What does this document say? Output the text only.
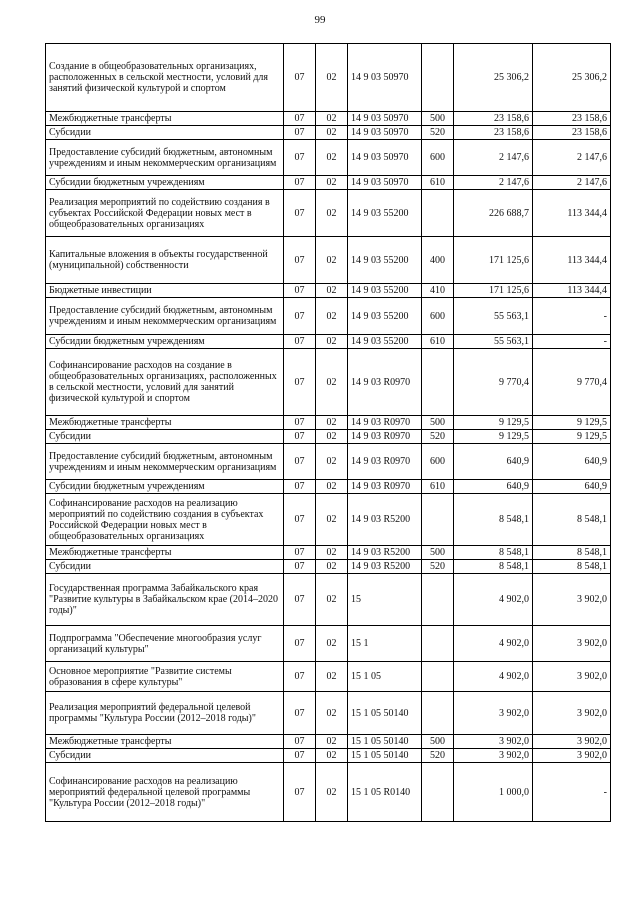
99
Создание в общеобразовательных организациях, расположенных в сельской местности, условий для занятий физической культурой и спортом	07	02	14 9 03 50970		25 306,2	25 306,2
Межбюджетные трансферты	07	02	14 9 03 50970	500	23 158,6	23 158,6
Субсидии	07	02	14 9 03 50970	520	23 158,6	23 158,6
Предоставление субсидий бюджетным, автономным учреждениям и иным некоммерческим организациям	07	02	14 9 03 50970	600	2 147,6	2 147,6
Субсидии бюджетным учреждениям	07	02	14 9 03 50970	610	2 147,6	2 147,6
Реализация мероприятий по содействию создания в субъектах Российской Федерации новых мест в общеобразовательных организациях	07	02	14 9 03 55200		226 688,7	113 344,4
Капитальные вложения в объекты государственной (муниципальной) собственности	07	02	14 9 03 55200	400	171 125,6	113 344,4
Бюджетные инвестиции	07	02	14 9 03 55200	410	171 125,6	113 344,4
Предоставление субсидий бюджетным, автономным учреждениям и иным некоммерческим организациям	07	02	14 9 03 55200	600	55 563,1	-
Субсидии бюджетным учреждениям	07	02	14 9 03 55200	610	55 563,1	-
Софинансирование расходов на создание в общеобразовательных организациях, расположенных в сельской местности, условий для занятий физической культурой и спортом	07	02	14 9 03 R0970		9 770,4	9 770,4
Межбюджетные трансферты	07	02	14 9 03 R0970	500	9 129,5	9 129,5
Субсидии	07	02	14 9 03 R0970	520	9 129,5	9 129,5
Предоставление субсидий бюджетным, автономным учреждениям и иным некоммерческим организациям	07	02	14 9 03 R0970	600	640,9	640,9
Субсидии бюджетным учреждениям	07	02	14 9 03 R0970	610	640,9	640,9
Софинансирование расходов на реализацию мероприятий по содействию создания в субъектах Российской Федерации новых мест в общеобразовательных организациях	07	02	14 9 03 R5200		8 548,1	8 548,1
Межбюджетные трансферты	07	02	14 9 03 R5200	500	8 548,1	8 548,1
Субсидии	07	02	14 9 03 R5200	520	8 548,1	8 548,1
Государственная программа Забайкальского края "Развитие культуры в Забайкальском крае (2014–2020 годы)"	07	02	15		4 902,0	3 902,0
Подпрограмма "Обеспечение многообразия услуг организаций культуры"	07	02	15 1		4 902,0	3 902,0
Основное мероприятие "Развитие системы образования в сфере культуры"	07	02	15 1 05		4 902,0	3 902,0
Реализация мероприятий федеральной целевой программы "Культура России (2012–2018 годы)"	07	02	15 1 05 50140		3 902,0	3 902,0
Межбюджетные трансферты	07	02	15 1 05 50140	500	3 902,0	3 902,0
Субсидии	07	02	15 1 05 50140	520	3 902,0	3 902,0
Софинансирование расходов на реализацию мероприятий федеральной целевой программы "Культура России (2012–2018 годы)"	07	02	15 1 05 R0140		1 000,0	-
